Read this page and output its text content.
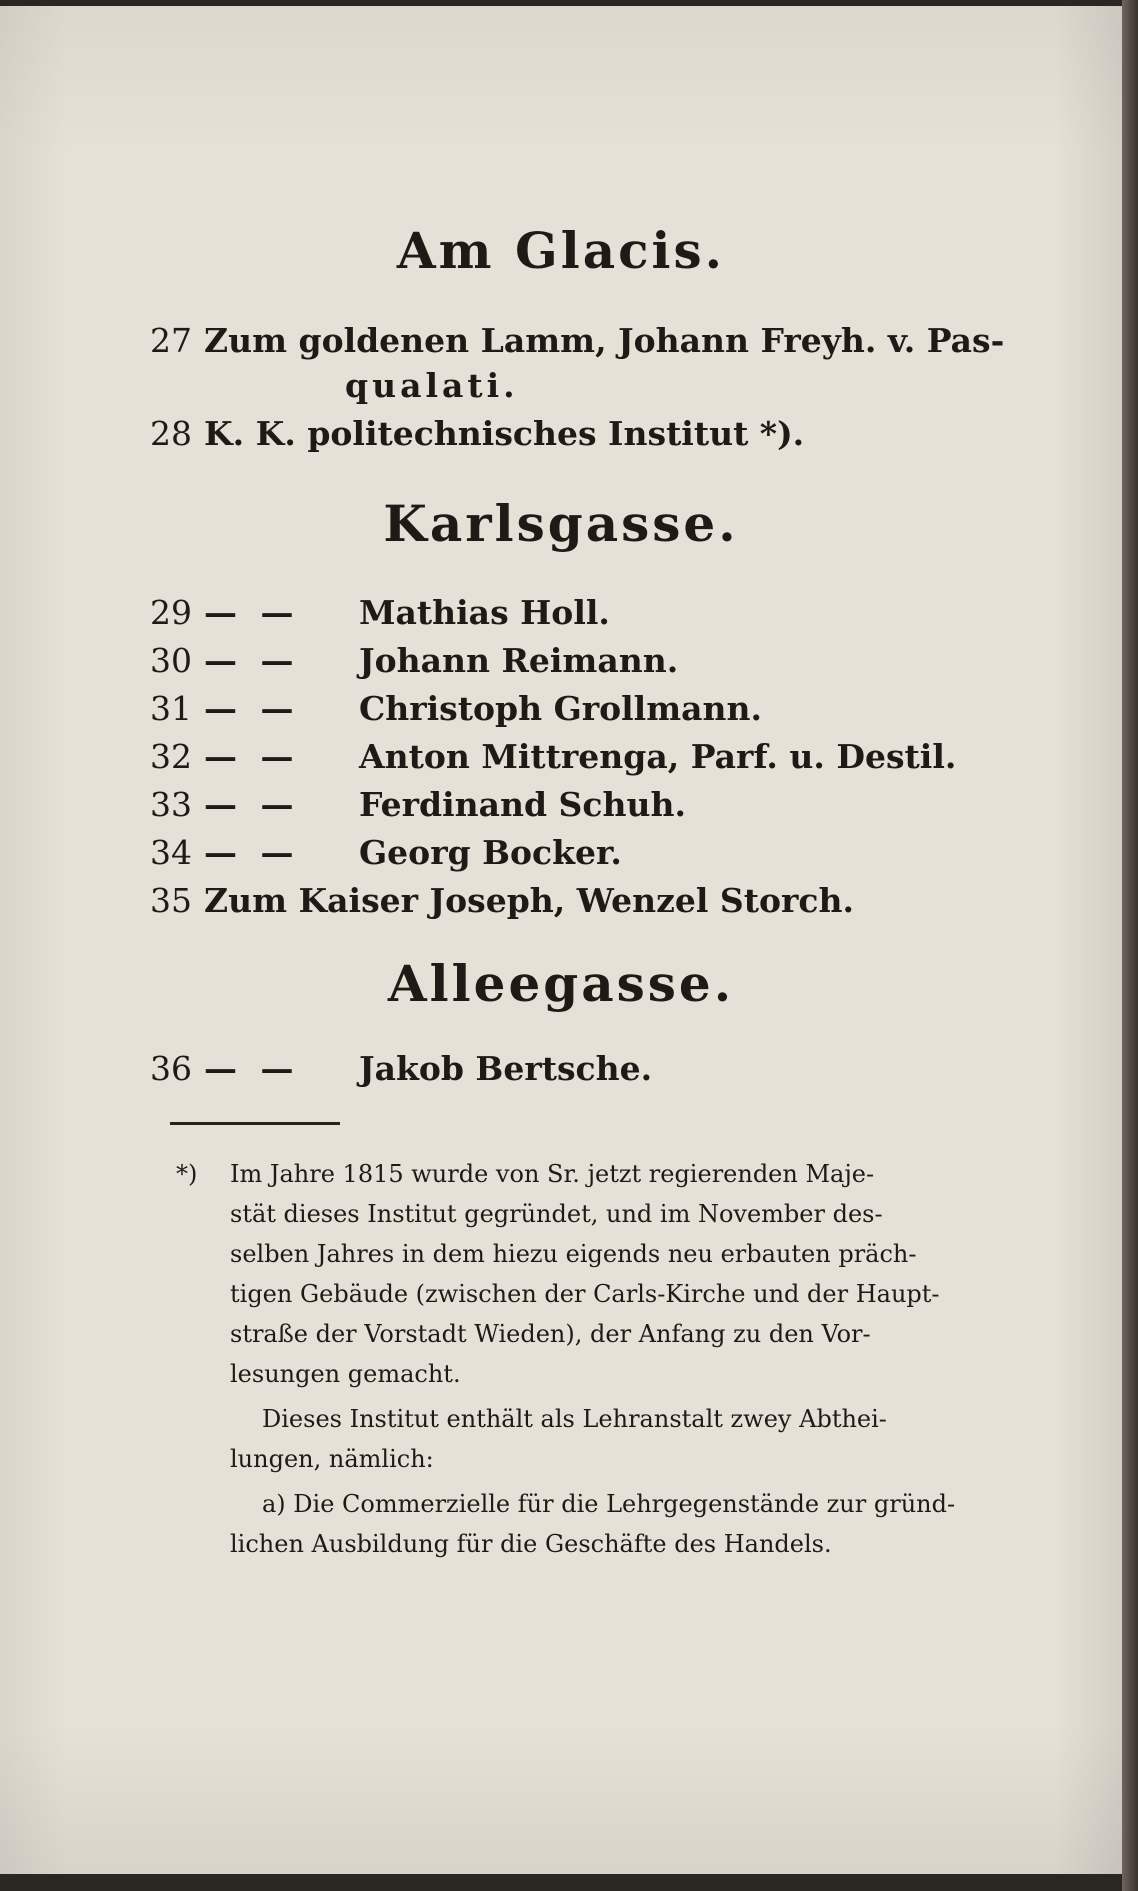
Am Glacis.
27 Zum goldenen Lamm, Johann Freyh. v. Pas-
qualati.
28 K. K. politechnisches Institut *).
Karlsgasse.
29 — — Mathias Holl.
30 — — Johann Reimann.
31 — — Christoph Grollmann.
32 — — Anton Mittrenga, Parf. u. Destil.
33 — — Ferdinand Schuh.
34 — — Georg Bocker.
35 Zum Kaiser Joseph, Wenzel Storch.
Alleegasse.
36 — — Jakob Bertsche.
*) Im Jahre 1815 wurde von Sr. jetzt regierenden Maje-
stät dieses Institut gegründet, und im November des-
selben Jahres in dem hiezu eigends neu erbauten präch-
tigen Gebäude (zwischen der Carls-Kirche und der Haupt-
straße der Vorstadt Wieden), der Anfang zu den Vor-
lesungen gemacht.
Dieses Institut enthält als Lehranstalt zwey Abthei-
lungen, nämlich:
a) Die Commerzielle für die Lehrgegenstände zur gründ-
lichen Ausbildung für die Geschäfte des Handels.
